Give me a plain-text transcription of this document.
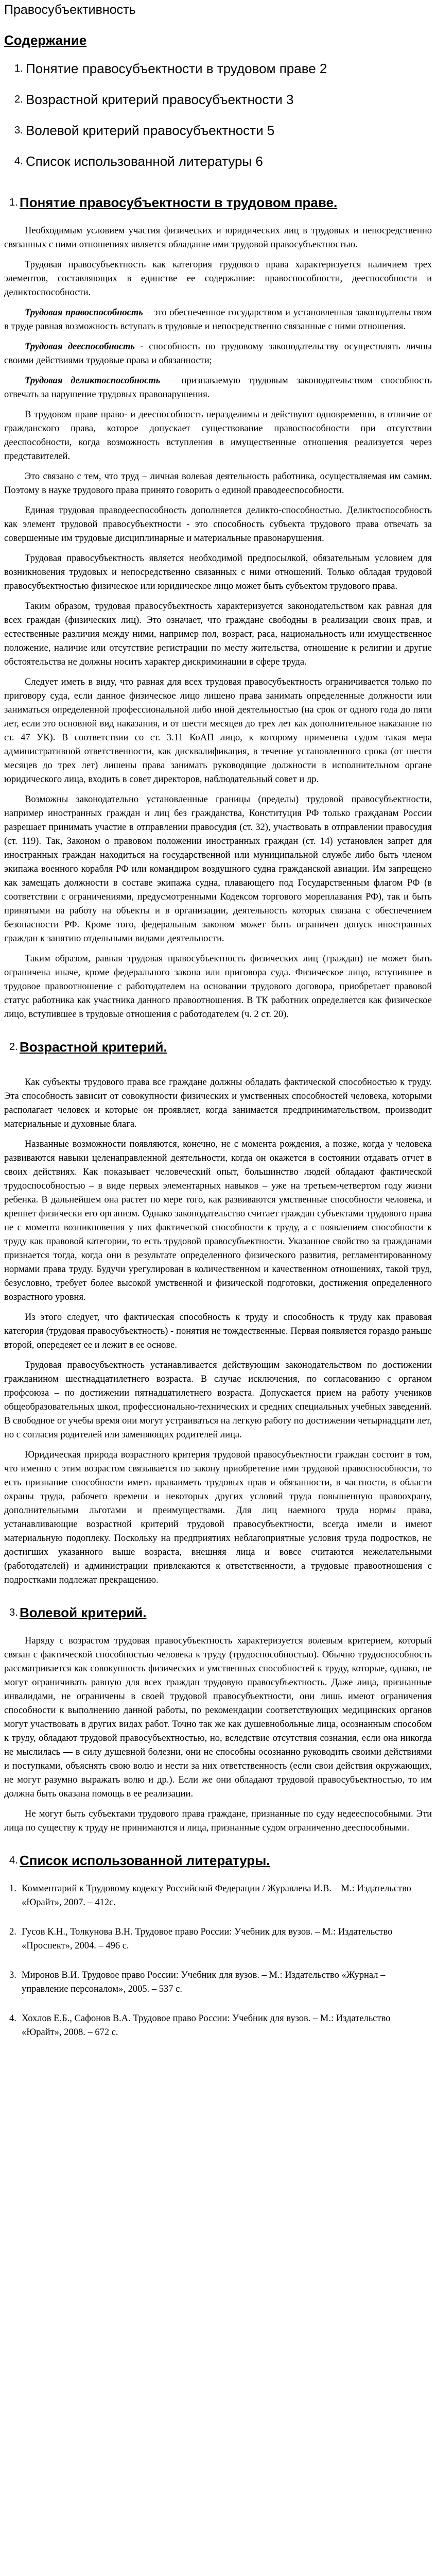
Правосубъективность
Содержание
1. Понятие правосубъектности в трудовом праве 2
2. Возрастной критерий правосубъектности 3
3. Волевой критерий правосубъектности 5
4. Список использованной литературы 6
1. Понятие правосубъектности в трудовом праве.

Необходимым условием участия физических и юридических лиц в трудовых и непосредственно связанных с ними отношениях является обладание ими трудовой правосубъектностью.

Трудовая правосубъектность как категория трудового права характеризуется наличием трех элементов, составляющих в единстве ее содержание: правоспособности, дееспособности и деликтоспособности.

Трудовая правоспособность – это обеспеченное государством и установленная законодательством в труде равная возможность вступать в трудовые и непосредственно связанные с ними отношения.

Трудовая дееспособность - способность по трудовому законодательству осуществлять личны своими действиями трудовые права и обязанности;

Трудовая деликтоспособность – признаваемую трудовым законодательством способность отвечать за нарушение трудовых правонарушения.

В трудовом праве право- и дееспособность неразделимы и действуют одновременно, в отличие от гражданского права, которое допускает существование правоспособности при отсутствии дееспособности, когда возможность вступления в имущественные отношения реализуется через представителей.

Это связано с тем, что труд – личная волевая деятельность работника, осуществляемая им самим. Поэтому в науке трудового права принято говорить о единой праводееспособности.

Единая трудовая праводееспособность дополняется деликто-способностью. Деликтоспособность как элемент трудовой правосубъектности - это способность субъекта трудового права отвечать за совершенные им трудовые дисциплинарные и материальные правонарушения.

Трудовая правосубъектность является необходимой предпосылкой, обязательным условием для возникновения трудовых и непосредственно связанных с ними отношений. Только обладая трудовой правосубъектностью физическое или юридическое лицо может быть субъектом трудового права.

Таким образом, трудовая правосубъектность характеризуется законодательством как равная для всех граждан (физических лиц). Это означает, что граждане свободны в реализации своих прав, и естественные различия между ними, например пол, возраст, раса, национальность или имущественное положение, наличие или отсутствие регистрации по месту жительства, отношение к религии и другие обстоятельства не должны носить характер дискриминации в сфере труда.

Следует иметь в виду, что равная для всех трудовая правосубъектность ограничивается только по приговору суда, если данное физическое лицо лишено права занимать определенные должности или заниматься определенной профессиональной либо иной деятельностью (на срок от одного года до пяти лет, если это основной вид наказания, и от шести месяцев до трех лет как дополнительное наказание по ст. 47 УК). В соответствии со ст. 3.11 КоАП лицо, к которому применена судом такая мера административной ответственности, как дисквалификация, в течение установленного срока (от шести месяцев до трех лет) лишены права занимать руководящие должности в исполнительном органе юридического лица, входить в совет директоров, наблюдательный совет и др.

Возможны законодательно установленные границы (пределы) трудовой правосубъектности, например иностранных граждан и лиц без гражданства, Конституция РФ только гражданам России разрешает принимать участие в отправлении правосудия (ст. 32), участвовать в отправлении правосудия (ст. 119). Так, Законом о правовом положении иностранных граждан (ст. 14) установлен запрет для иностранных граждан находиться на государственной или муниципальной службе либо быть членом экипажа военного корабля РФ или командиром воздушного судна гражданской авиации. Им запрещено как замещать должности в составе экипажа судна, плавающего под Государственным флагом РФ (в соответствии с ограничениями, предусмотренными Кодексом торгового мореплавания РФ), так и быть принятыми на работу на объекты и в организации, деятельность которых связана с обеспечением безопасности РФ. Кроме того, федеральным законом может быть ограничен допуск иностранных граждан к занятию отдельными видами деятельности.

Таким образом, равная трудовая правосубъектность физических лиц (граждан) не может быть ограничена иначе, кроме федерального закона или приговора суда. Физическое лицо, вступившее в трудовое правоотношение с работодателем на основании трудового договора, приобретает правовой статус работника как участника данного правоотношения. В ТК работник определяется как физическое лицо, вступившее в трудовые отношения с работодателем (ч. 2 ст. 20).

2. Возрастной критерий.

Как субъекты трудового права все граждане должны обладать фактической способностью к труду. Эта способность зависит от совокупности физических и умственных способностей человека, которыми располагает человек и которые он проявляет, когда занимается предпринимательством, производит материальные и духовные блага.

Названные возможности появляются, конечно, не с момента рождения, а позже, когда у человека развиваются навыки целенаправленной деятельности, когда он окажется в состоянии отдавать отчет в своих действиях. Как показывает человеческий опыт, большинство людей обладают фактической трудоспособностью – в виде первых элементарных навыков – уже на третьем-четвертом году жизни ребенка. В дальнейшем она растет по мере того, как развиваются умственные способности человека, и крепнет физически его организм. Однако законодательство считает граждан субъектами трудового права не с момента возникновения у них фактической способности к труду, а с появлением способности к труду как правовой категории, то есть трудовой правосубъектности. Указанное свойство за гражданами признается тогда, когда они в результате определенного физического развития, регламентированному нормами права труду. Будучи урегулирован в количественном и качественном отношениях, такой труд, безусловно, требует более высокой умственной и физической подготовки, достижения определенного возрастного уровня.

Из этого следует, что фактическая способность к труду и способность к труду как правовая категория (трудовая правосубъектность) - понятия не тождественные. Первая появляется гораздо раньше второй, опередеяет ее и лежит в ее основе.

Трудовая правосубъектность устанавливается действующим законодательством по достижении гражданином шестнадцатилетнего возраста. В случае исключения, по согласованию с органом профсоюза – по достижении пятнадцатилетнего возраста. Допускается прием на работу учеников общеобразовательных школ, профессионально-технических и средних специальных учебных заведений. В свободное от учебы время они могут устраиваться на легкую работу по достижении четырнадцати лет, но с согласия родителей или заменяющих родителей лица.

Юридическая природа возрастного критерия трудовой правосубъектности граждан состоит в том, что именно с этим возрастом связывается по закону приобретение ими трудовой правоспособности, то есть признание способности иметь праваиметь трудовых прав и обязанности, в частности, в области охраны труда, рабочего времени и некоторых других условий труда повышенную правоохрану, дополнительными льготами и преимуществами. Для лиц наемного труда нормы права, устанавливающие возрастной критерий трудовой правосубъектности, всегда имели и имеют материальную подоплеку. Поскольку на предприятиях неблагоприятные условия труда подростков, не достигших указанного выше возраста, внешняя лица и вовсе считаются нежелательными (работодателей) и администрации привлекаются к ответственности, а трудовые правоотношения с подростками подлежат прекращению.

3. Волевой критерий.

Наряду с возрастом трудовая правосубъектность характеризуется волевым критерием, который связан с фактической способностью человека к труду (трудоспособностью). Обычно трудоспособность рассматривается как совокупность физических и умственных способностей к труду, которые, однако, не могут ограничивать равную для всех граждан трудовую правосубъектность. Даже лица, признанные инвалидами, не ограничены в своей трудовой правосубъектности, они лишь имеют ограничения способности к выполнению данной работы, по рекомендации соответствующих медицинских органов могут участвовать в других видах работ. Точно так же как душевнобольные лица, осознанным способом к труду, обладают трудовой правосубъектностью, но, вследствие отсутствия сознания, если она никогда не мыслилась — в силу душевной болезни, они не способны осознанно руководить своими действиями и поступками, объяснять свою волю и нести за них ответственность (если свои действия окружающих, не могут разумно выражать волю и др.). Если же они обладают трудовой правосубъектностью, то им должна быть оказана помощь в ее реализации.

Не могут быть субъектами трудового права граждане, признанные по суду недееспособными. Эти лица по существу к труду не принимаются и лица, признанные судом ограниченно дееспособными.

4. Список использованной литературы.
1. Комментарий к Трудовому кодексу Российской Федерации / Журавлева И.В. – М.: Издательство «Юрайт», 2007. – 412с.
2. Гусов К.Н., Толкунова В.Н. Трудовое право России: Учебник для вузов. – М.: Издательство «Проспект», 2004. – 496 с.
3. Миронов В.И. Трудовое право России: Учебник для вузов. – М.: Издательство «Журнал – управление персоналом», 2005. – 537 с.
4. Хохлов Е.Б., Сафонов В.А. Трудовое право России: Учебник для вузов. – М.: Издательство «Юрайт», 2008. – 672 с.
